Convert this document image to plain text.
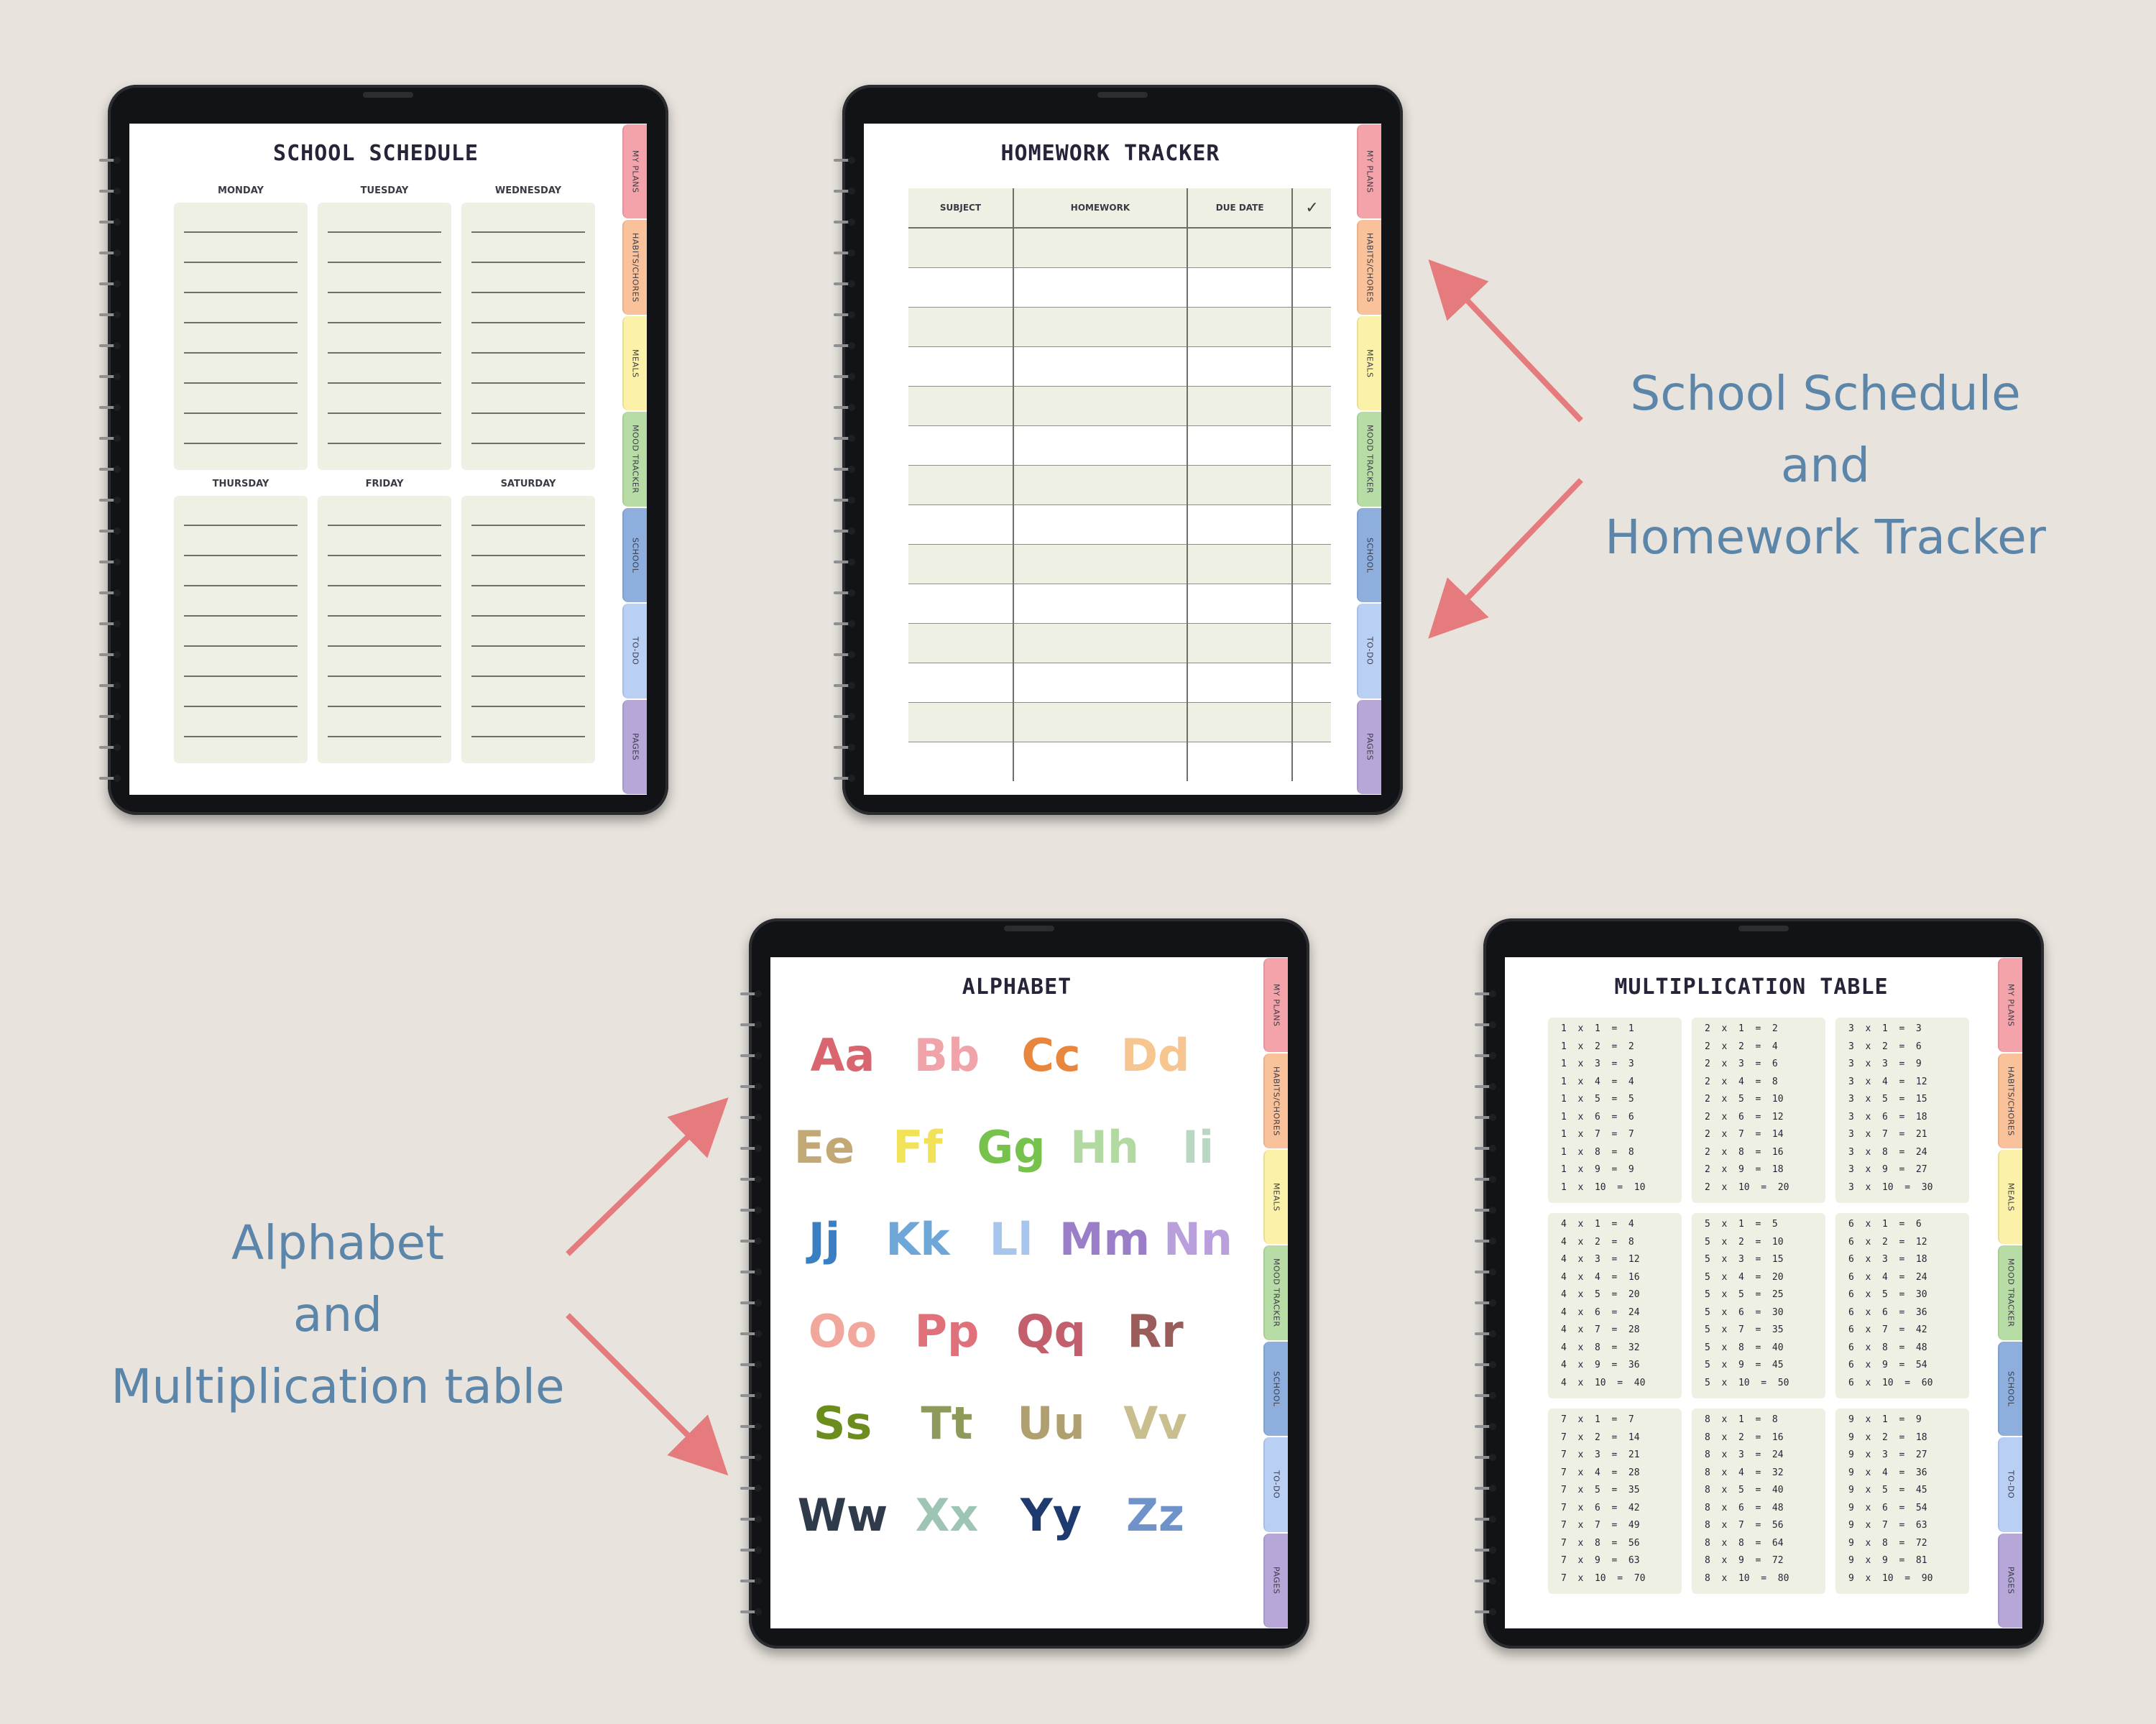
SCHOOL SCHEDULE	MY PLANS
HABITS/CHORES
MEALS
MOOD TRACKER
SCHOOL
TO-DO
PAGES
MONDAY	TUESDAY	WEDNESDAY
THURSDAY	FRIDAY	SATURDAY
HOMEWORK TRACKER	MY PLANS
HABITS/CHORES
MEALS
MOOD TRACKER
SCHOOL
TO-DO
PAGES
SUBJECT	HOMEWORK	DUE DATE	✓

ALPHABET	MY PLANS
HABITS/CHORES
MEALS
MOOD TRACKER
SCHOOL
TO-DO
PAGES
Aa Bb Cc Dd
Ee Ff Gg Hh Ii
Jj	Kk Ll Mm Nn
Oo Pp Qq Rr
Ss	Tt Uu Vv
Ww Xx Yy Zz
MULTIPLICATION TABLE	MY PLANS
HABITS/CHORES
MEALS
MOOD TRACKER
SCHOOL
TO-DO
PAGES
1  x  1  =  1
1  x  2  =  2
1  x  3  =  3
1  x  4  =  4
1  x  5  =  5
1  x  6  =  6
1  x  7  =  7
1  x  8  =  8
1  x  9  =  9
1  x  10  =  10
2  x  1  =  2
2  x  2  =  4
2  x  3  =  6
2  x  4  =  8
2  x  5  =  10
2  x  6  =  12
2  x  7  =  14
2  x  8  =  16
2  x  9  =  18
2  x  10  =  20
3  x  1  =  3
3  x  2  =  6
3  x  3  =  9
3  x  4  =  12
3  x  5  =  15
3  x  6  =  18
3  x  7  =  21
3  x  8  =  24
3  x  9  =  27
3  x  10  =  30
4  x  1  =  4
4  x  2  =  8
4  x  3  =  12
4  x  4  =  16
4  x  5  =  20
4  x  6  =  24
4  x  7  =  28
4  x  8  =  32
4  x  9  =  36
4  x  10  =  40
5  x  1  =  5
5  x  2  =  10
5  x  3  =  15
5  x  4  =  20
5  x  5  =  25
5  x  6  =  30
5  x  7  =  35
5  x  8  =  40
5  x  9  =  45
5  x  10  =  50
6  x  1  =  6
6  x  2  =  12
6  x  3  =  18
6  x  4  =  24
6  x  5  =  30
6  x  6  =  36
6  x  7  =  42
6  x  8  =  48
6  x  9  =  54
6  x  10  =  60
7  x  1  =  7
7  x  2  =  14
7  x  3  =  21
7  x  4  =  28
7  x  5  =  35
7  x  6  =  42
7  x  7  =  49
7  x  8  =  56
7  x  9  =  63
7  x  10  =  70
8  x  1  =  8
8  x  2  =  16
8  x  3  =  24
8  x  4  =  32
8  x  5  =  40
8  x  6  =  48
8  x  7  =  56
8  x  8  =  64
8  x  9  =  72
8  x  10  =  80
9  x  1  =  9
9  x  2  =  18
9  x  3  =  27
9  x  4  =  36
9  x  5  =  45
9  x  6  =  54
9  x  7  =  63
9  x  8  =  72
9  x  9  =  81
9  x  10  =  90
School Schedule
and
Homework Tracker
Alphabet
and
Multiplication table
